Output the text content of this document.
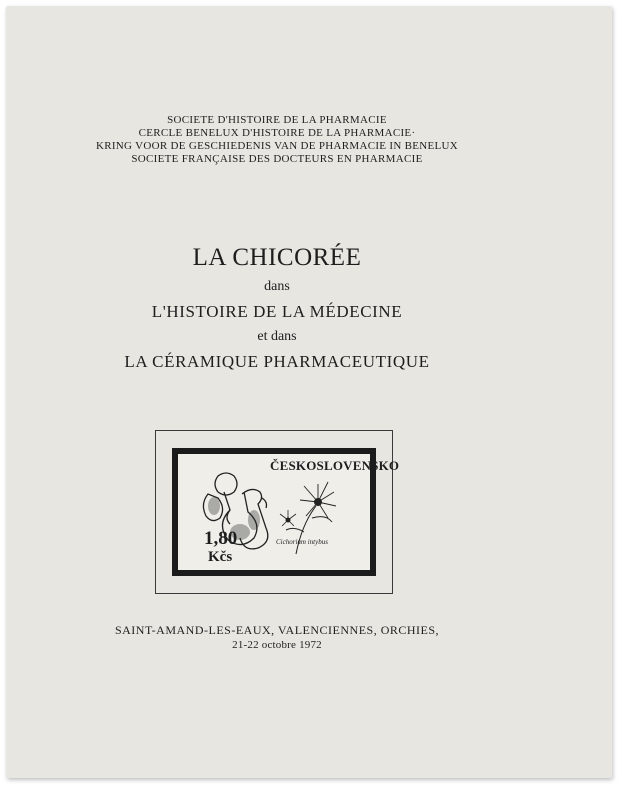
SOCIETE D'HISTOIRE DE LA PHARMACIE
CERCLE BENELUX D'HISTOIRE DE LA PHARMACIE·
KRING VOOR DE GESCHIEDENIS VAN DE PHARMACIE IN BENELUX
SOCIETE FRANÇAISE DES DOCTEURS EN PHARMACIE
LA CHICORÉE
dans
L'HISTOIRE DE LA MÉDECINE
et dans
LA CÉRAMIQUE PHARMACEUTIQUE
ČESKOSLOVENSKO
1,80
Kčs
Cichorium intybus
SAINT-AMAND-LES-EAUX, VALENCIENNES, ORCHIES,
21-22 octobre 1972
